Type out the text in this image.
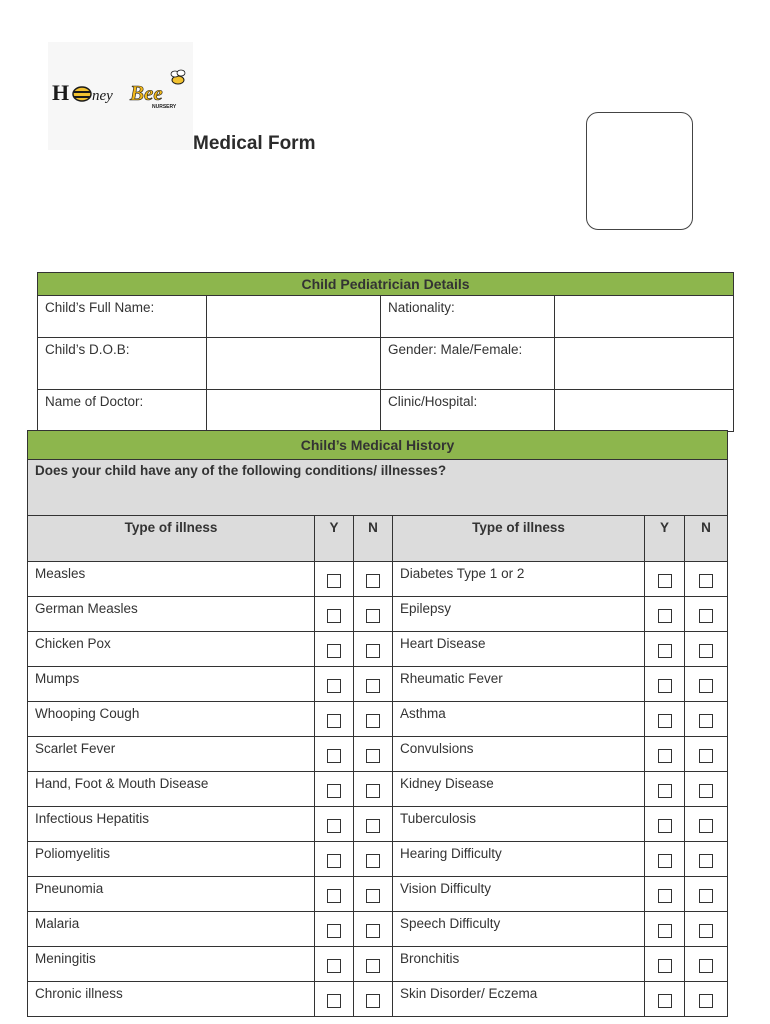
H ney Bee
NURSERY
Medical Form
Child Pediatrician Details			
Child’s Full Name:		Nationality:	
Child’s D.O.B:		Gender: Male/Female:	
Name of Doctor:		Clinic/Hospital:	
Child’s Medical History					
Does your child have any of the following conditions/ illnesses?					
Type of illness	Y	N	Type of illness	Y	N
Measles			Diabetes Type 1 or 2		
German Measles			Epilepsy		
Chicken Pox			Heart Disease		
Mumps			Rheumatic Fever		
Whooping Cough			Asthma		
Scarlet Fever			Convulsions		
Hand, Foot & Mouth Disease			Kidney Disease		
Infectious Hepatitis			Tuberculosis		
Poliomyelitis			Hearing Difficulty		
Pneunomia			Vision Difficulty		
Malaria			Speech Difficulty		
Meningitis			Bronchitis		
Chronic illness			Skin Disorder/ Eczema		
